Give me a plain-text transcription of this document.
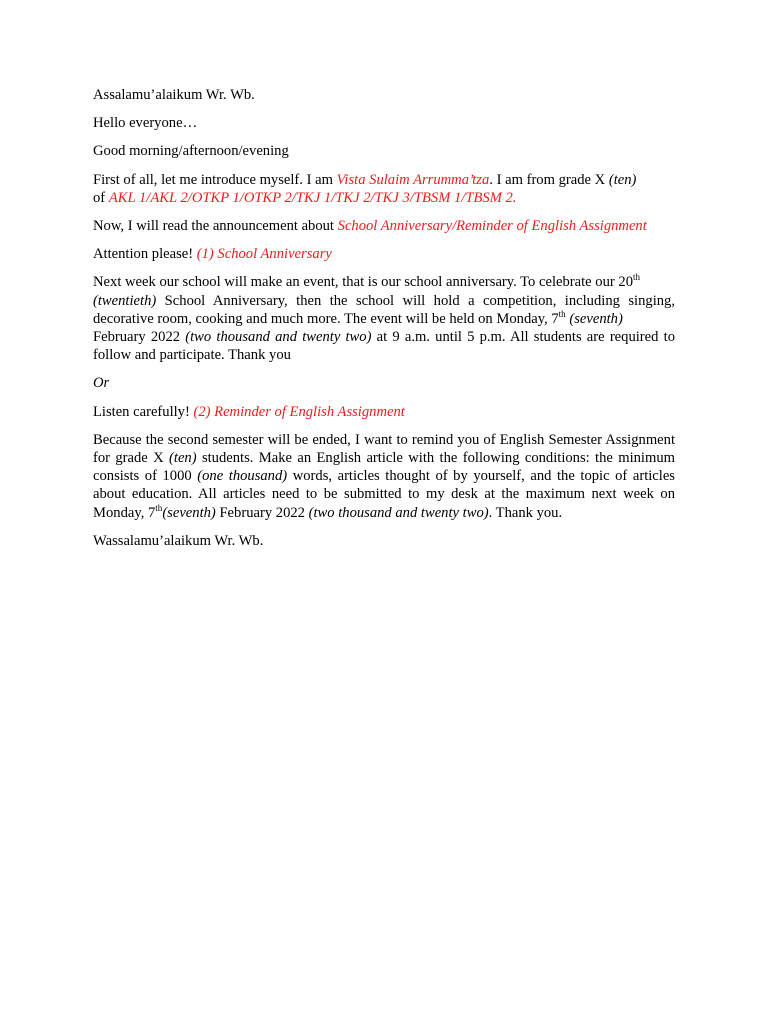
Assalamu’alaikum Wr. Wb.

Hello everyone…

Good morning/afternoon/evening

First of all, let me introduce myself. I am Vista Sulaim Arrumma’tza. I am from grade X (ten)
of AKL 1/AKL 2/OTKP 1/OTKP 2/TKJ 1/TKJ 2/TKJ 3/TBSM 1/TBSM 2.

Now, I will read the announcement about School Anniversary/Reminder of English Assignment

Attention please! (1) School Anniversary

Next week our school will make an event, that is our school anniversary. To celebrate our 20th
(twentieth) School Anniversary, then the school will hold a competition, including singing, decorative room, cooking and much more. The event will be held on Monday, 7th (seventh)
February 2022 (two thousand and twenty two) at 9 a.m. until 5 p.m. All students are required to follow and participate. Thank you

Or

Listen carefully! (2) Reminder of English Assignment

Because the second semester will be ended, I want to remind you of English Semester Assignment for grade X (ten) students. Make an English article with the following conditions: the minimum consists of 1000 (one thousand) words, articles thought of by yourself, and the topic of articles about education. All articles need to be submitted to my desk at the maximum next week on Monday, 7th(seventh) February 2022 (two thousand and twenty two). Thank you.

Wassalamu’alaikum Wr. Wb.
